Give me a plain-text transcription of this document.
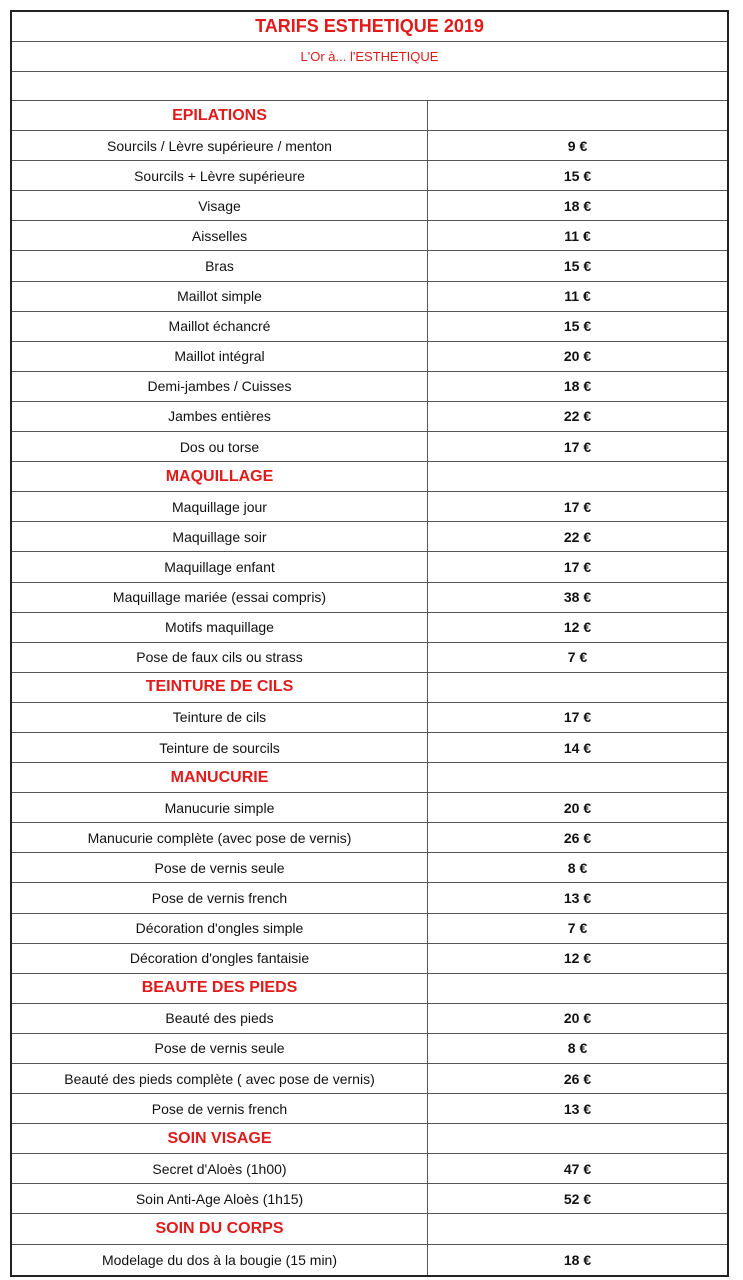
TARIFS ESTHETIQUE 2019
L'Or à... l'ESTHETIQUE
EPILATIONS
Sourcils / Lèvre supérieure / menton	9 €
Sourcils + Lèvre supérieure	15 €
Visage	18 €
Aisselles	11 €
Bras	15 €
Maillot simple	11 €
Maillot échancré	15 €
Maillot intégral	20 €
Demi-jambes / Cuisses	18 €
Jambes entières	22 €
Dos ou torse	17 €
MAQUILLAGE
Maquillage jour	17 €
Maquillage soir	22 €
Maquillage enfant	17 €
Maquillage mariée (essai compris)	38 €
Motifs maquillage	12 €
Pose de faux cils ou strass	7 €
TEINTURE DE CILS
Teinture de cils	17 €
Teinture de sourcils	14 €
MANUCURIE
Manucurie simple	20 €
Manucurie complète (avec pose de vernis)	26 €
Pose de vernis seule	8 €
Pose de vernis french	13 €
Décoration d'ongles simple	7 €
Décoration d'ongles fantaisie	12 €
BEAUTE DES PIEDS
Beauté des pieds	20 €
Pose de vernis seule	8 €
Beauté des pieds complète ( avec pose de vernis)	26 €
Pose de vernis french	13 €
SOIN VISAGE
Secret d'Aloès (1h00)	47 €
Soin Anti-Age Aloès (1h15)	52 €
SOIN DU CORPS
Modelage du dos à la bougie (15 min)	18 €
